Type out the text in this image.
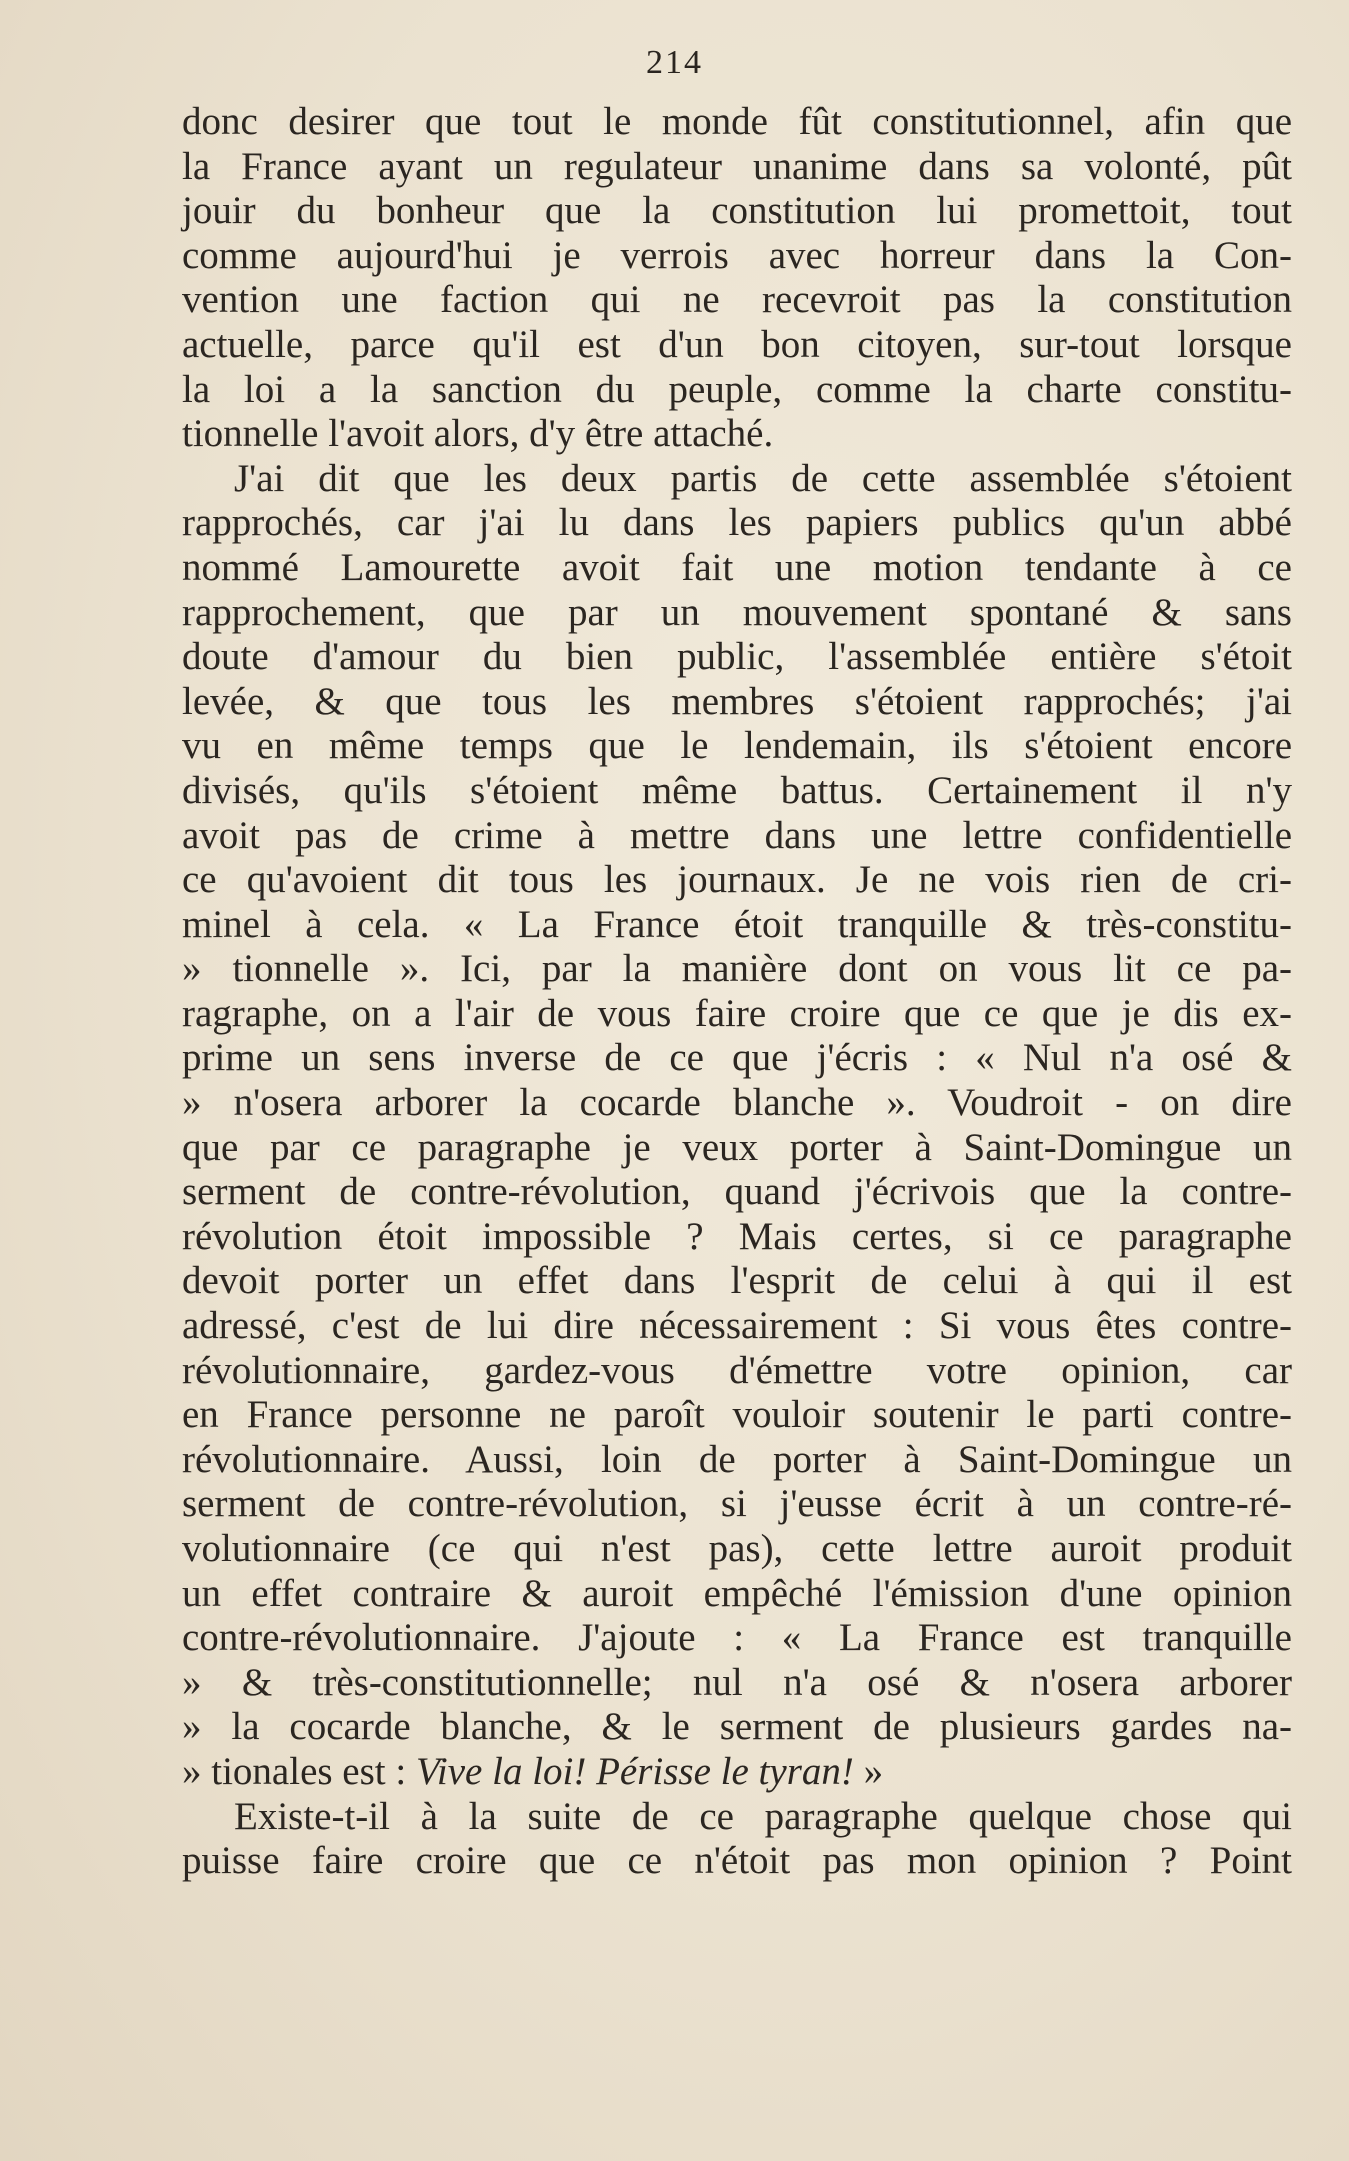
214
donc desirer que tout le monde fût constitutionnel, afin que
la France ayant un regulateur unanime dans sa volonté, pût
jouir du bonheur que la constitution lui promettoit, tout
comme aujourd'hui je verrois avec horreur dans la Con-
vention une faction qui ne recevroit pas la constitution
actuelle, parce qu'il est d'un bon citoyen, sur-tout lorsque
la loi a la sanction du peuple, comme la charte constitu-
tionnelle l'avoit alors, d'y être attaché.
J'ai dit que les deux partis de cette assemblée s'étoient
rapprochés, car j'ai lu dans les papiers publics qu'un abbé
nommé Lamourette avoit fait une motion tendante à ce
rapprochement, que par un mouvement spontané & sans
doute d'amour du bien public, l'assemblée entière s'étoit
levée, & que tous les membres s'étoient rapprochés; j'ai
vu en même temps que le lendemain, ils s'étoient encore
divisés, qu'ils s'étoient même battus. Certainement il n'y
avoit pas de crime à mettre dans une lettre confidentielle
ce qu'avoient dit tous les journaux. Je ne vois rien de cri-
minel à cela. « La France étoit tranquille & très-constitu-
» tionnelle ». Ici, par la manière dont on vous lit ce pa-
ragraphe, on a l'air de vous faire croire que ce que je dis ex-
prime un sens inverse de ce que j'écris : « Nul n'a osé &
» n'osera arborer la cocarde blanche ». Voudroit - on dire
que par ce paragraphe je veux porter à Saint-Domingue un
serment de contre-révolution, quand j'écrivois que la contre-
révolution étoit impossible ? Mais certes, si ce paragraphe
devoit porter un effet dans l'esprit de celui à qui il est
adressé, c'est de lui dire nécessairement : Si vous êtes contre-
révolutionnaire, gardez-vous d'émettre votre opinion, car
en France personne ne paroît vouloir soutenir le parti contre-
révolutionnaire. Aussi, loin de porter à Saint-Domingue un
serment de contre-révolution, si j'eusse écrit à un contre-ré-
volutionnaire (ce qui n'est pas), cette lettre auroit produit
un effet contraire & auroit empêché l'émission d'une opinion
contre-révolutionnaire. J'ajoute : « La France est tranquille
» & très-constitutionnelle; nul n'a osé & n'osera arborer
» la cocarde blanche, & le serment de plusieurs gardes na-
» tionales est : Vive la loi! Périsse le tyran! »
Existe-t-il à la suite de ce paragraphe quelque chose qui
puisse faire croire que ce n'étoit pas mon opinion ? Point
